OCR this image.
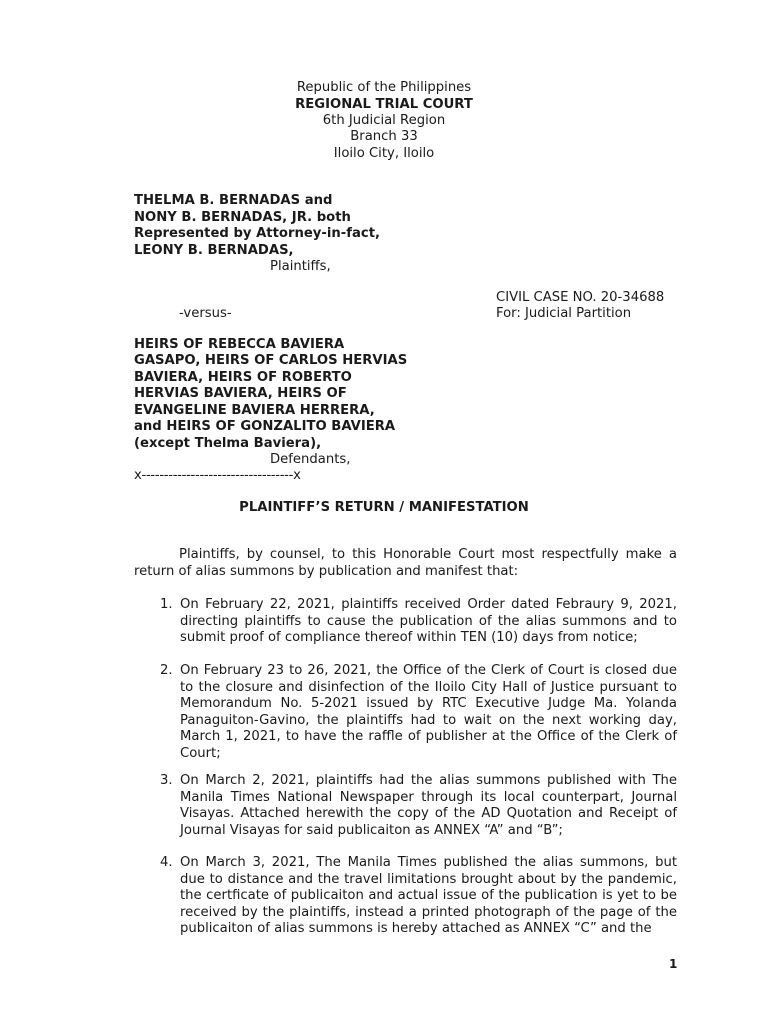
Republic of the Philippines
REGIONAL TRIAL COURT
6th Judicial Region
Branch 33
Iloilo City, Iloilo
THELMA B. BERNADAS and
NONY B. BERNADAS, JR. both
Represented by Attorney-in-fact,
LEONY B. BERNADAS,
Plaintiffs,
CIVIL CASE NO. 20-34688
-versus-	For: Judicial Partition
HEIRS OF REBECCA BAVIERA
GASAPO, HEIRS OF CARLOS HERVIAS
BAVIERA, HEIRS OF ROBERTO
HERVIAS BAVIERA, HEIRS OF
EVANGELINE BAVIERA HERRERA,
and HEIRS OF GONZALITO BAVIERA
(except Thelma Baviera),
Defendants,
x----------------------------------x
PLAINTIFF’S RETURN / MANIFESTATION
Plaintiffs, by counsel, to this Honorable Court most respectfully make a return of alias summons by publication and manifest that:
1. On February 22, 2021, plaintiffs received Order dated Febraury 9, 2021, directing plaintiffs to cause the publication of the alias summons and to submit proof of compliance thereof within TEN (10) days from notice;
2. On February 23 to 26, 2021, the Office of the Clerk of Court is closed due to the closure and disinfection of the Iloilo City Hall of Justice pursuant to Memorandum No. 5-2021 issued by RTC Executive Judge Ma. Yolanda Panaguiton-Gavino, the plaintiffs had to wait on the next working day, March 1, 2021, to have the raffle of publisher at the Office of the Clerk of Court;
3. On March 2, 2021, plaintiffs had the alias summons published with The Manila Times National Newspaper through its local counterpart, Journal Visayas. Attached herewith the copy of the AD Quotation and Receipt of Journal Visayas for said publicaiton as ANNEX “A” and “B”;
4. On March 3, 2021, The Manila Times published the alias summons, but due to distance and the travel limitations brought about by the pandemic, the certficate of publicaiton and actual issue of the publication is yet to be received by the plaintiffs, instead a printed photograph of the page of the publicaiton of alias summons is hereby attached as ANNEX “C” and the
1
